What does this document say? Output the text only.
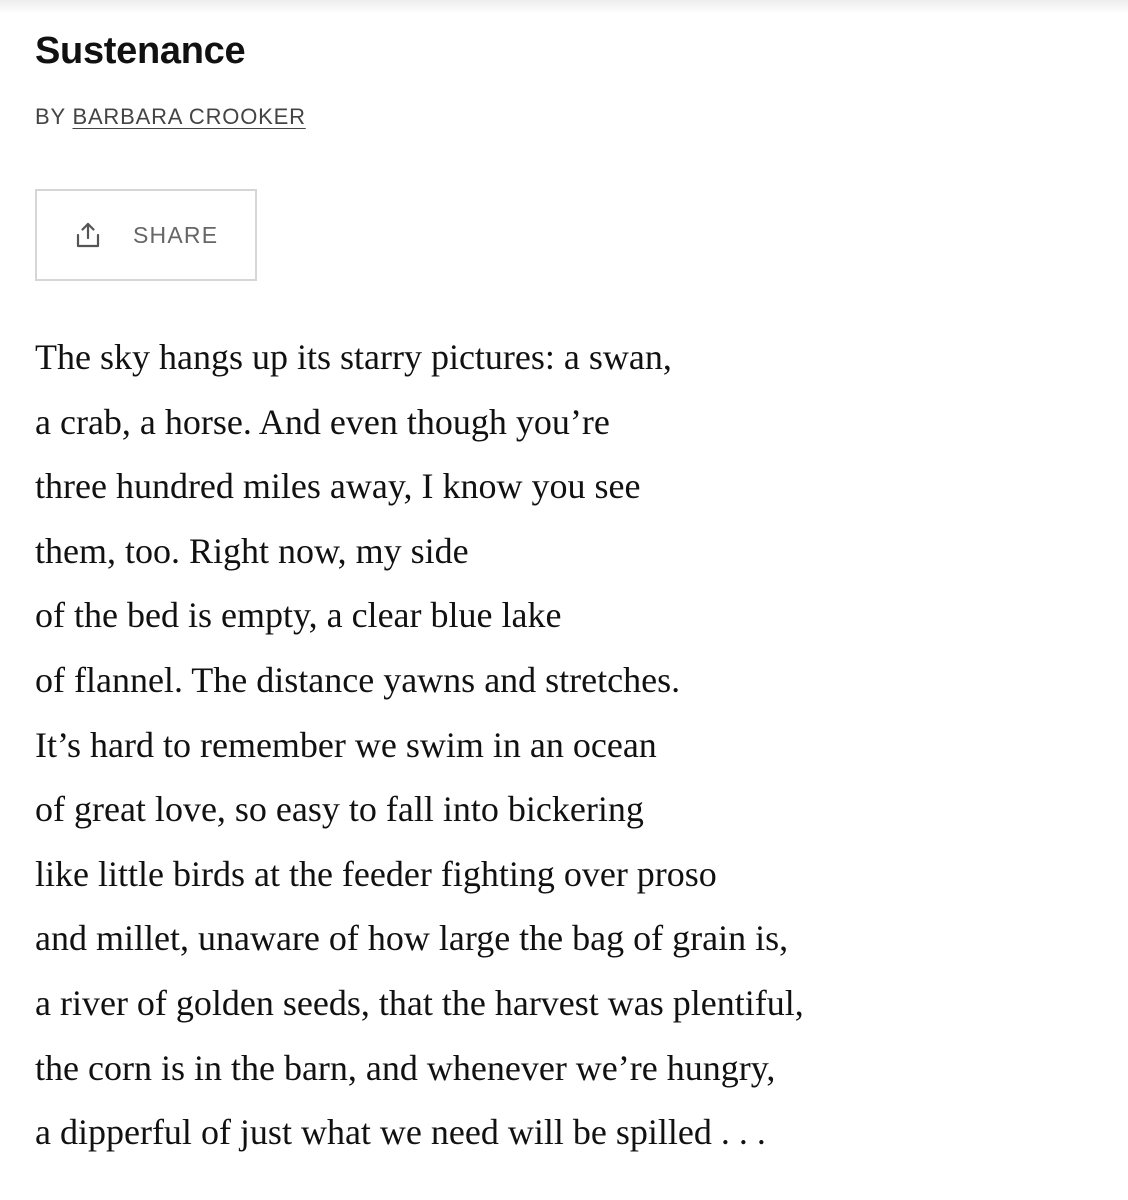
Sustenance
BY BARBARA CROOKER
SHARE
The sky hangs up its starry pictures: a swan,
a crab, a horse. And even though you’re
three hundred miles away, I know you see
them, too. Right now, my side
of the bed is empty, a clear blue lake
of flannel. The distance yawns and stretches.
It’s hard to remember we swim in an ocean
of great love, so easy to fall into bickering
like little birds at the feeder fighting over proso
and millet, unaware of how large the bag of grain is,
a river of golden seeds, that the harvest was plentiful,
the corn is in the barn, and whenever we’re hungry,
a dipperful of just what we need will be spilled . . .
